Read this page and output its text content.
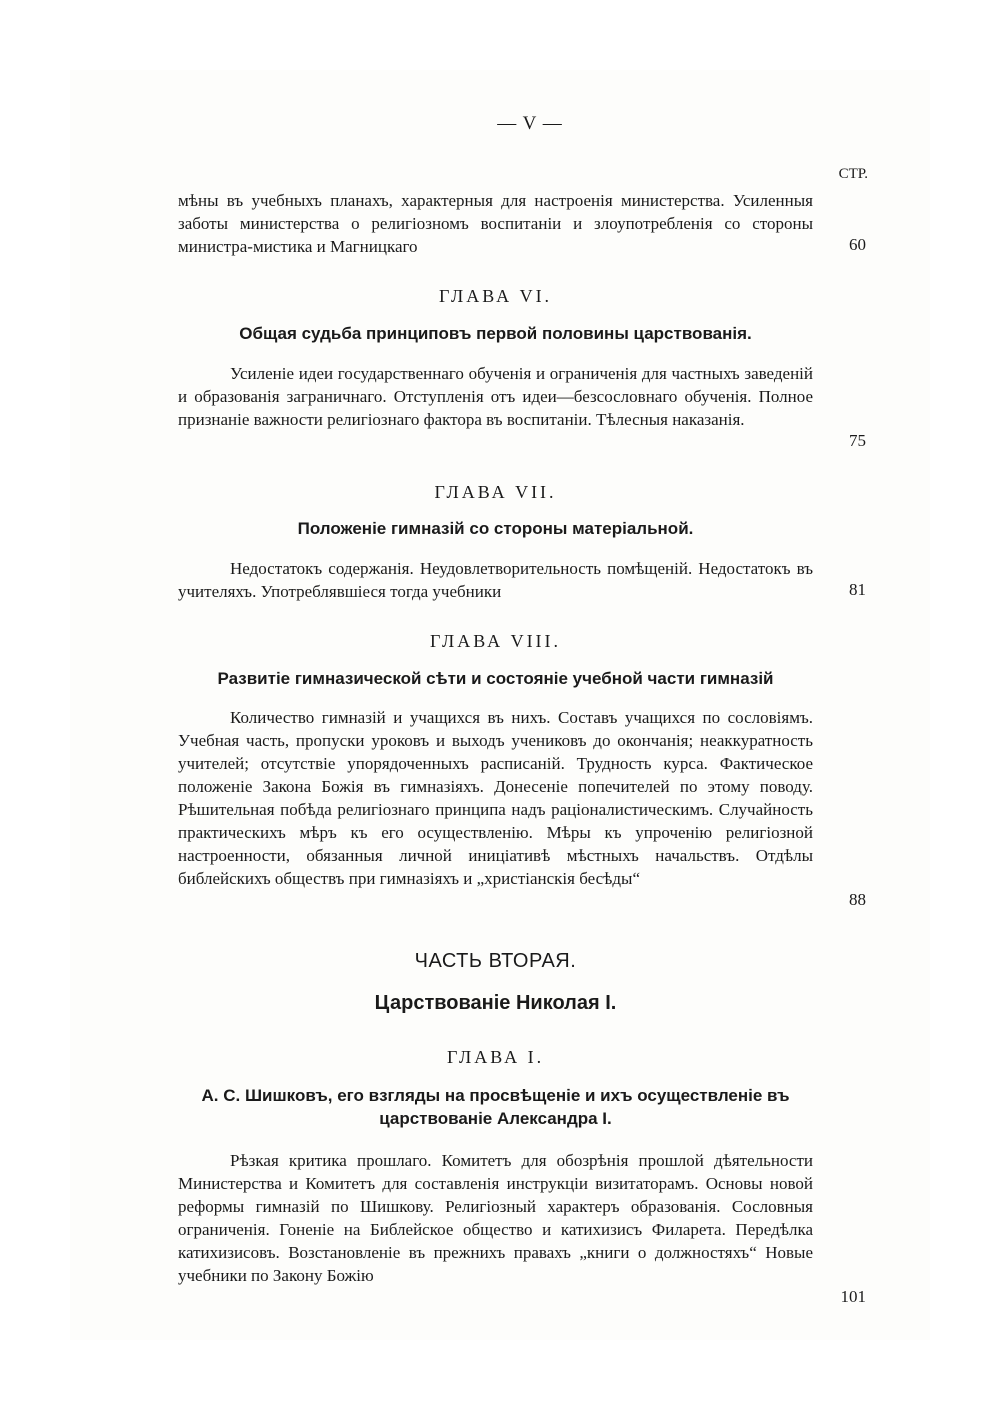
— V —
СТР.
мѣны въ учебныхъ планахъ, характерныя для настроенія министерства. Усиленныя заботы министерства о религіозномъ воспитаніи и злоупотребленія со стороны министра-мистика и Магницкаго	60
ГЛАВА VI.
Общая судьба принциповъ первой половины царствованія.
Усиленіе идеи государственнаго обученія и ограниченія для частныхъ заведеній и образованія заграничнаго. Отступленія отъ идеи—безсословнаго обученія. Полное признаніе важности религіознаго фактора въ воспитаніи. Тѣлесныя наказанія.
75
ГЛАВА VII.
Положеніе гимназій со стороны матеріальной.
Недостатокъ содержанія. Неудовлетворительность помѣщеній. Недостатокъ въ учителяхъ. Употреблявшіеся тогда учебники	81
ГЛАВА VIII.
Развитіе гимназической сѣти и состояніе учебной части гимназій
Количество гимназій и учащихся въ нихъ. Составъ учащихся по сословіямъ. Учебная часть, пропуски уроковъ и выходъ учениковъ до окончанія; неаккуратность учителей; отсутствіе упорядоченныхъ расписаній. Трудность курса. Фактическое положеніе Закона Божія въ гимназіяхъ. Донесеніе попечителей по этому поводу. Рѣшительная побѣда религіознаго принципа надъ раціоналистическимъ. Случайность практическихъ мѣръ къ его осуществленію. Мѣры къ упроченію религіозной настроенности, обязанныя личной иниціативѣ мѣстныхъ начальствъ. Отдѣлы библейскихъ обществъ при гимназіяхъ и „христіанскія бесѣды“
88
ЧАСТЬ ВТОРАЯ.
Царствованіе Николая I.
ГЛАВА I.
А. С. Шишковъ, его взгляды на просвѣщеніе и ихъ осуществленіе въ царствованіе Александра I.
Рѣзкая критика прошлаго. Комитетъ для обозрѣнія прошлой дѣятельности Министерства и Комитетъ для составленія инструкціи визитаторамъ. Основы новой реформы гимназій по Шишкову. Религіозный характеръ образованія. Сословныя ограниченія. Гоненіе на Библейское общество и катихизисъ Филарета. Передѣлка катихизисовъ. Возстановленіе въ прежнихъ правахъ „книги о должностяхъ“ Новые учебники по Закону Божію
101
